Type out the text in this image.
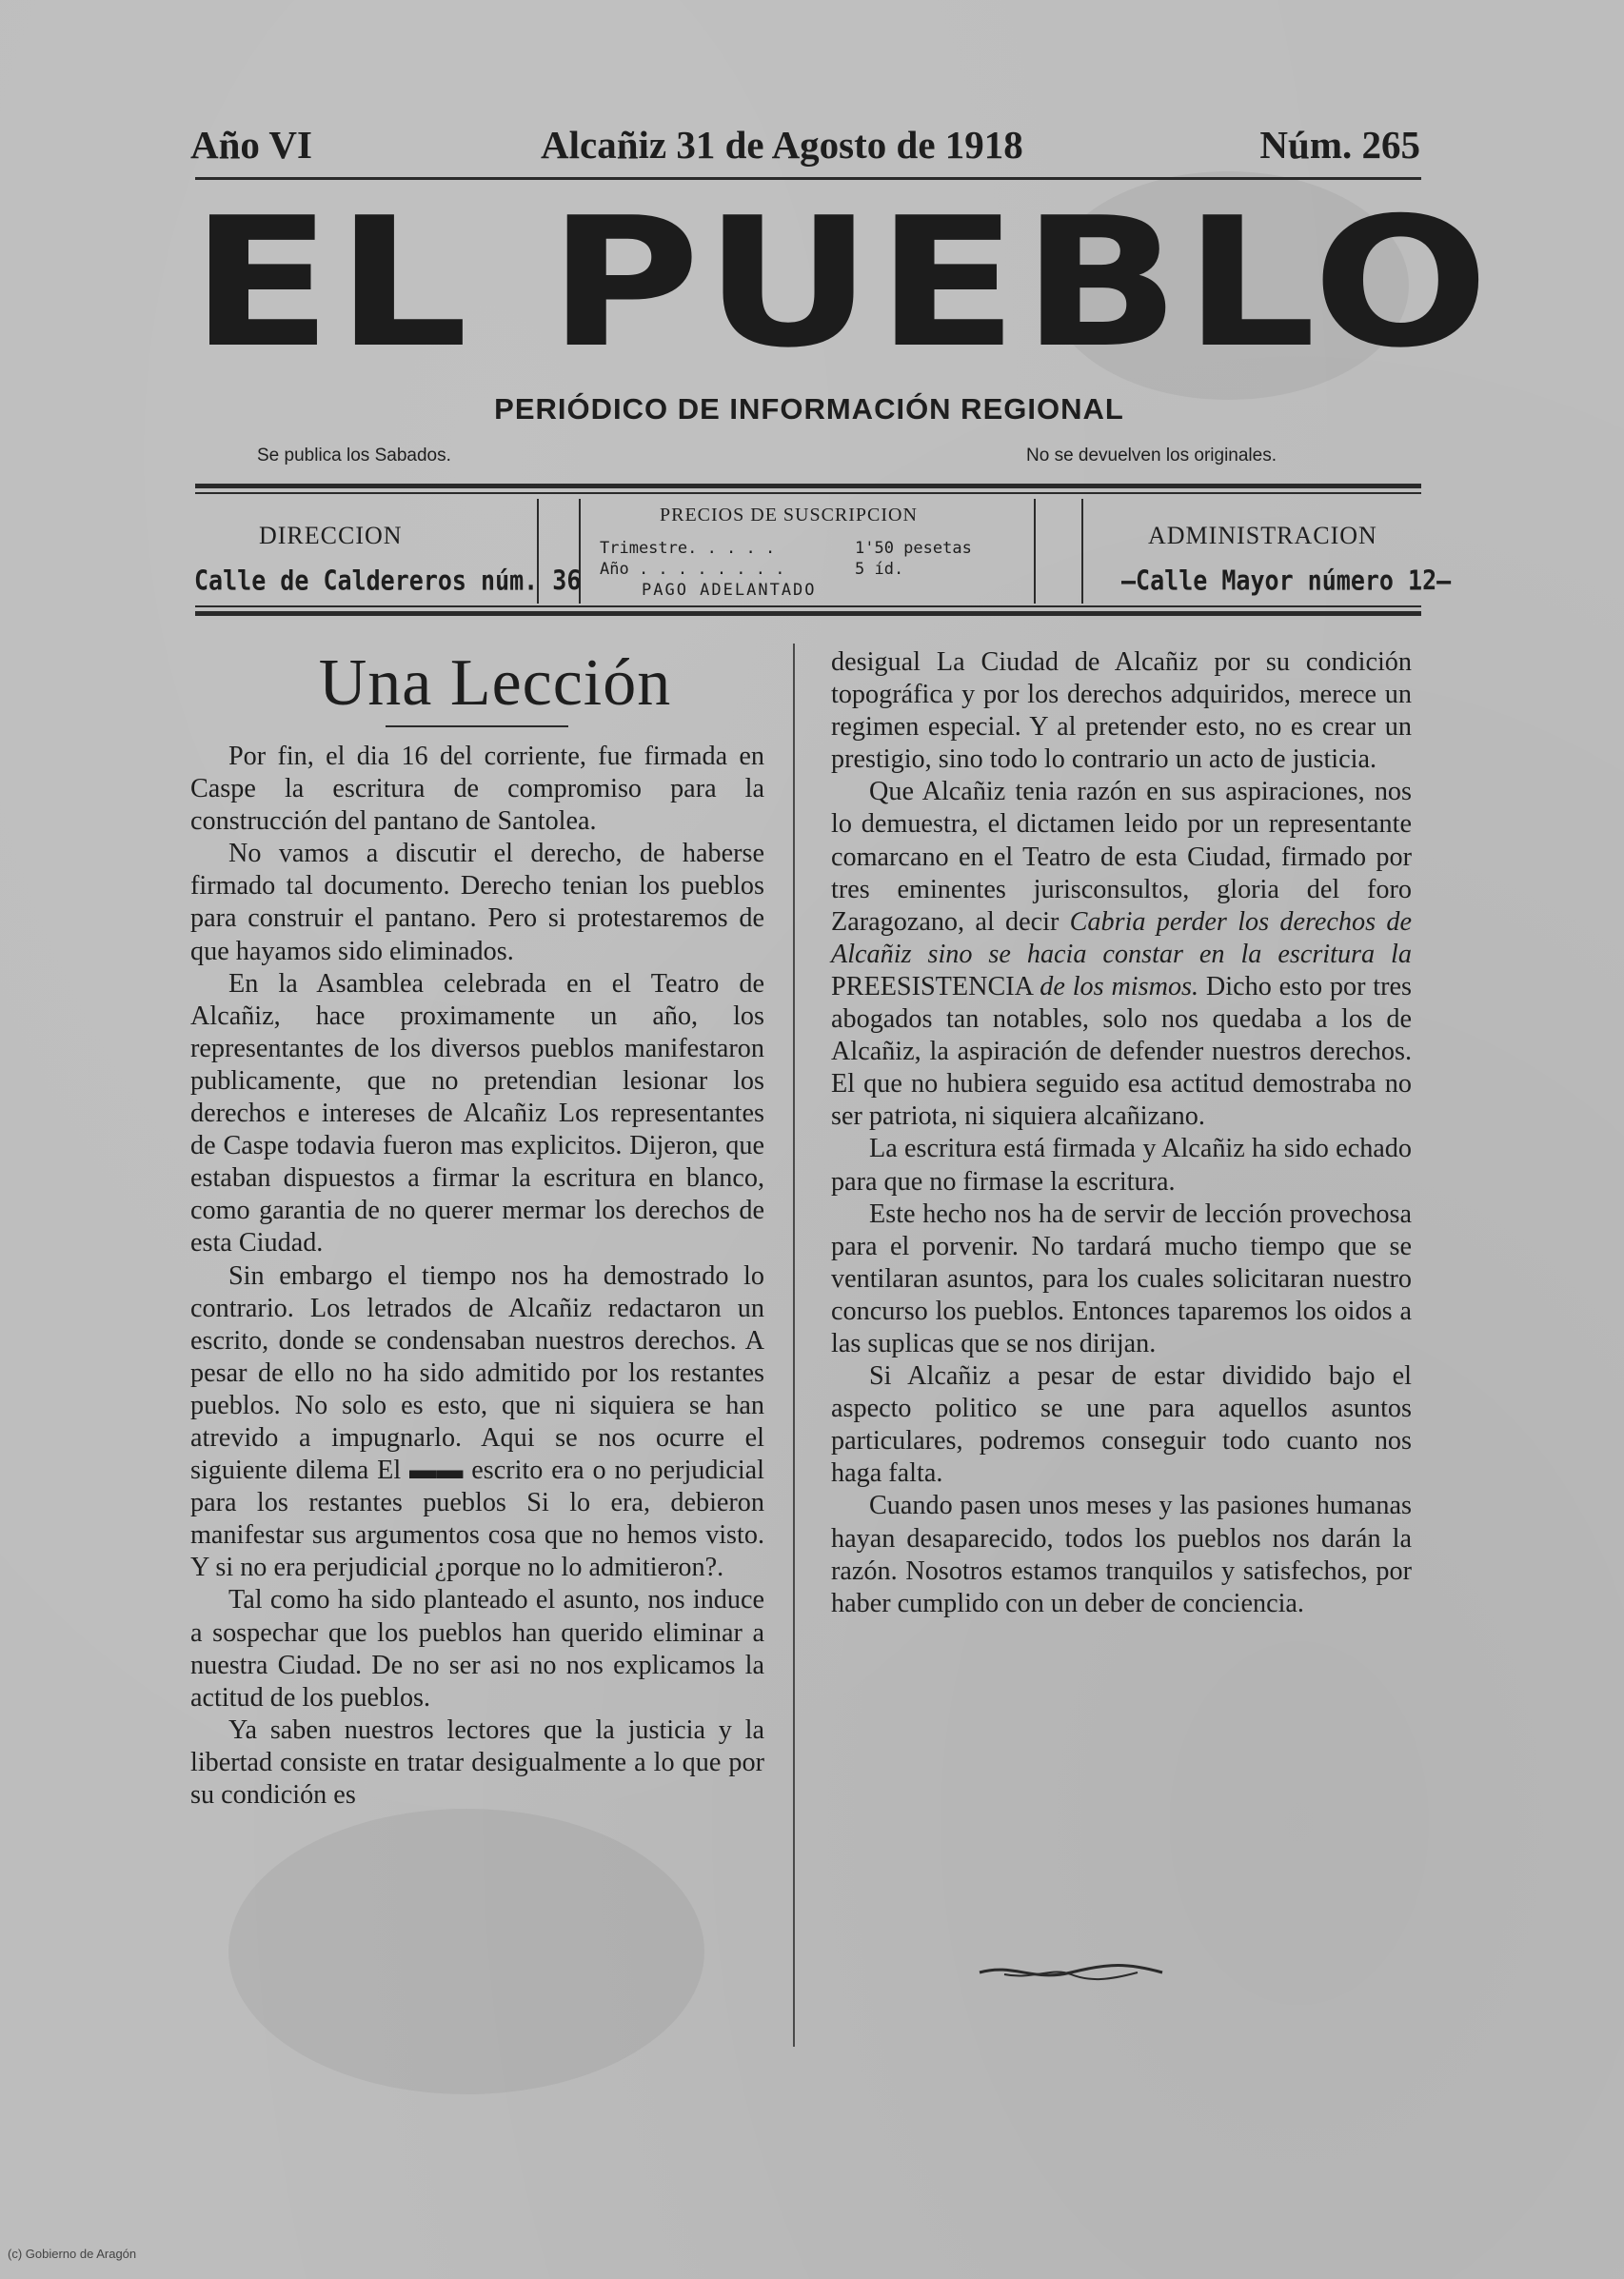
Año VI	Alcañiz 31 de Agosto de 1918	Núm. 265
EL PUEBLO
PERIÓDICO DE INFORMACIÓN REGIONAL
Se publica los Sabados.	No se devuelven los originales.
DIRECCION
Calle de Caldereros núm. 36
PRECIOS DE SUSCRIPCION
Trimestre. . . . .	1'50 pesetas
Año . . . . . . . .	5 íd.
PAGO ADELANTADO
ADMINISTRACION
—Calle Mayor número 12—
Una Lección

Por fin, el dia 16 del corriente, fue firmada en Caspe la escritura de compromiso para la construcción del pantano de Santolea.

No vamos a discutir el derecho, de haberse firmado tal documento. Derecho tenian los pueblos para construir el pantano. Pero si protestaremos de que hayamos sido eliminados.

En la Asamblea celebrada en el Teatro de Alcañiz, hace proximamente un año, los representantes de los diversos pueblos manifestaron publicamente, que no pretendian lesionar los derechos e intereses de Alcañiz Los representantes de Caspe todavia fueron mas explicitos. Dijeron, que estaban dispuestos a firmar la escritura en blanco, como garantia de no querer mermar los derechos de esta Ciudad.

Sin embargo el tiempo nos ha demostrado lo contrario. Los letrados de Alcañiz redactaron un escrito, donde se condensaban nuestros derechos. A pesar de ello no ha sido admitido por los restantes pueblos. No solo es esto, que ni siquiera se han atrevido a impugnarlo. Aqui se nos ocurre el siguiente dilema El ▬▬ escrito era o no perjudicial para los restantes pueblos Si lo era, debieron manifestar sus argumentos cosa que no hemos visto. Y si no era perjudicial ¿porque no lo admitieron?.

Tal como ha sido planteado el asunto, nos induce a sospechar que los pueblos han querido eliminar a nuestra Ciudad. De no ser asi no nos explicamos la actitud de los pueblos.

Ya saben nuestros lectores que la justicia y la libertad consiste en tratar desigualmente a lo que por su condición es

desigual La Ciudad de Alcañiz por su condición topográfica y por los derechos adquiridos, merece un regimen especial. Y al pretender esto, no es crear un prestigio, sino todo lo contrario un acto de justicia.

Que Alcañiz tenia razón en sus aspiraciones, nos lo demuestra, el dictamen leido por un representante comarcano en el Teatro de esta Ciudad, firmado por tres eminentes jurisconsultos, gloria del foro Zaragozano, al decir Cabria perder los derechos de Alcañiz sino se hacia constar en la escritura la PREESISTENCIA de los mismos. Dicho esto por tres abogados tan notables, solo nos quedaba a los de Alcañiz, la aspiración de defender nuestros derechos. El que no hubiera seguido esa actitud demostraba no ser patriota, ni siquiera alcañizano.

La escritura está firmada y Alcañiz ha sido echado para que no firmase la escritura.

Este hecho nos ha de servir de lección provechosa para el porvenir. No tardará mucho tiempo que se ventilaran asuntos, para los cuales solicitaran nuestro concurso los pueblos. Entonces taparemos los oidos a las suplicas que se nos dirijan.

Si Alcañiz a pesar de estar dividido bajo el aspecto politico se une para aquellos asuntos particulares, podremos conseguir todo cuanto nos haga falta.

Cuando pasen unos meses y las pasiones humanas hayan desaparecido, todos los pueblos nos darán la razón. Nosotros estamos tranquilos y satisfechos, por haber cumplido con un deber de conciencia.

(c) Gobierno de Aragón
